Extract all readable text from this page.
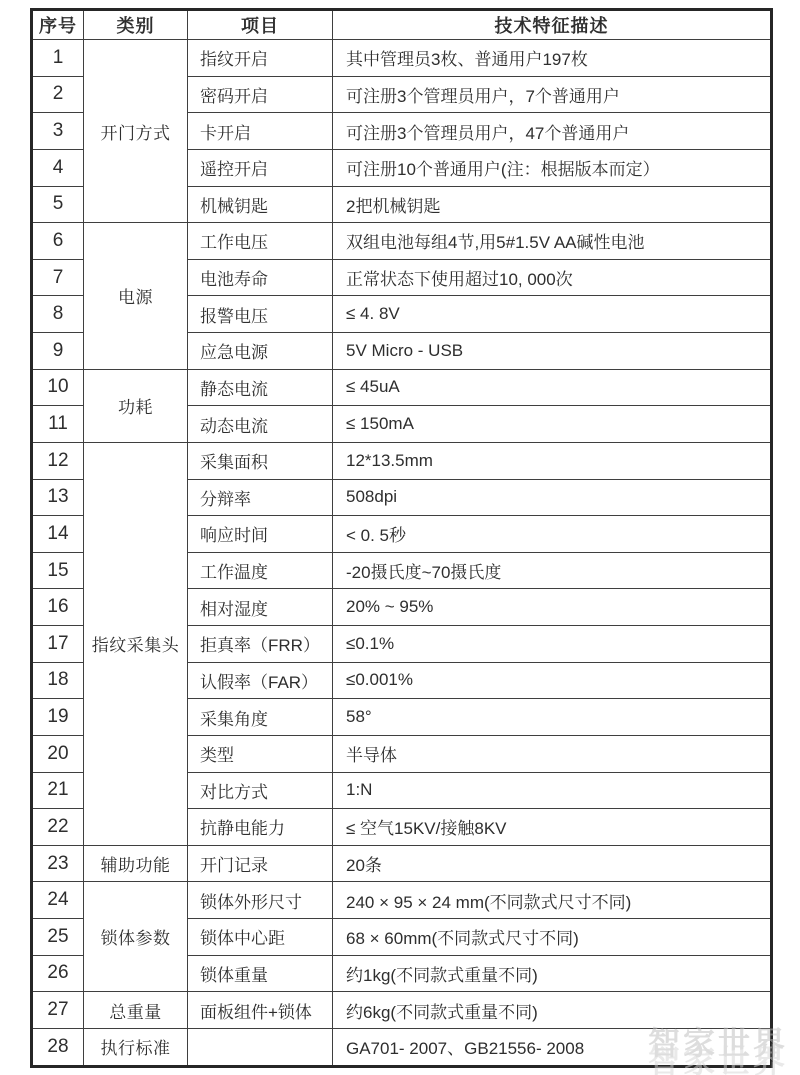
序号	类别	项目	技术特征描述
1	开门方式	指纹开启	其中管理员3枚、普通用户197枚
2		密码开启	可注册3个管理员用户，7个普通用户
3		卡开启	可注册3个管理员用户，47个普通用户
4		遥控开启	可注册10个普通用户(注：根据版本而定）
5		机械钥匙	2把机械钥匙
6	电源	工作电压	双组电池每组4节,用5#1.5V AA碱性电池
7		电池寿命	正常状态下使用超过10, 000次
8		报警电压	≤ 4. 8V
9		应急电源	5V Micro - USB
10	功耗	静态电流	≤ 45uA
11		动态电流	≤ 150mA
12	指纹采集头	采集面积	12*13.5mm
13		分辩率	508dpi
14		响应时间	< 0. 5秒
15		工作温度	-20摄氏度~70摄氏度
16		相对湿度	20% ~ 95%
17		拒真率（FRR）	≤0.1%
18		认假率（FAR）	≤0.001%
19		采集角度	58°
20		类型	半导体
21		对比方式	1:N
22		抗静电能力	≤ 空气15KV/接触8KV
23	辅助功能	开门记录	20条
24	锁体参数	锁体外形尺寸	240 × 95 × 24 mm(不同款式尺寸不同)
25		锁体中心距	68 × 60mm(不同款式尺寸不同)
26		锁体重量	约1kg(不同款式重量不同)
27	总重量	面板组件+锁体	约6kg(不同款式重量不同)
28	执行标准		GA701- 2007、GB21556- 2008 智家世界
